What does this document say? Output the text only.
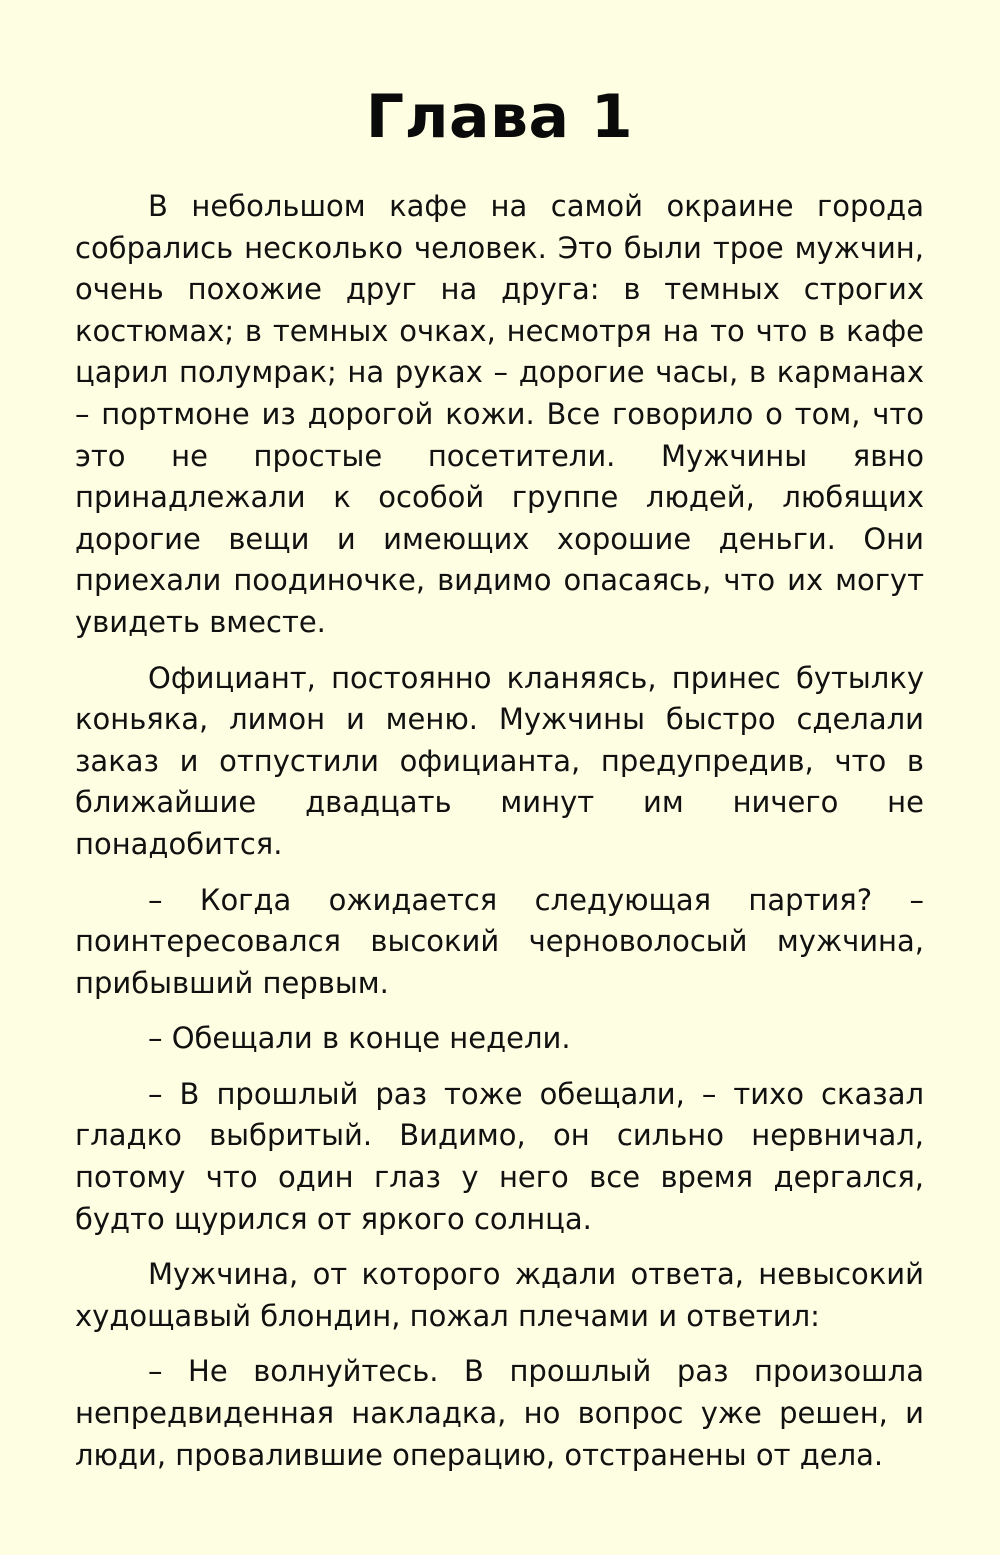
Глава 1

В небольшом кафе на самой окраине города собрались несколько человек. Это были трое мужчин, очень похожие друг на друга: в темных строгих костюмах; в темных очках, несмотря на то что в кафе царил полумрак; на руках – дорогие часы, в карманах – портмоне из дорогой кожи. Все говорило о том, что это не простые посетители. Мужчины явно принадлежали к особой группе людей, любящих дорогие вещи и имеющих хорошие деньги. Они приехали поодиночке, видимо опасаясь, что их могут увидеть вместе.

Официант, постоянно кланяясь, принес бутылку коньяка, лимон и меню. Мужчины быстро сделали заказ и отпустили официанта, предупредив, что в ближайшие двадцать минут им ничего не понадобится.

– Когда ожидается следующая партия? – поинтересовался высокий черноволосый мужчина, прибывший первым.

– Обещали в конце недели.

– В прошлый раз тоже обещали, – тихо сказал гладко выбритый. Видимо, он сильно нервничал, потому что один глаз у него все время дергался, будто щурился от яркого солнца.

Мужчина, от которого ждали ответа, невысокий худощавый блондин, пожал плечами и ответил:

– Не волнуйтесь. В прошлый раз произошла непредвиденная накладка, но вопрос уже решен, и люди, провалившие операцию, отстранены от дела.
